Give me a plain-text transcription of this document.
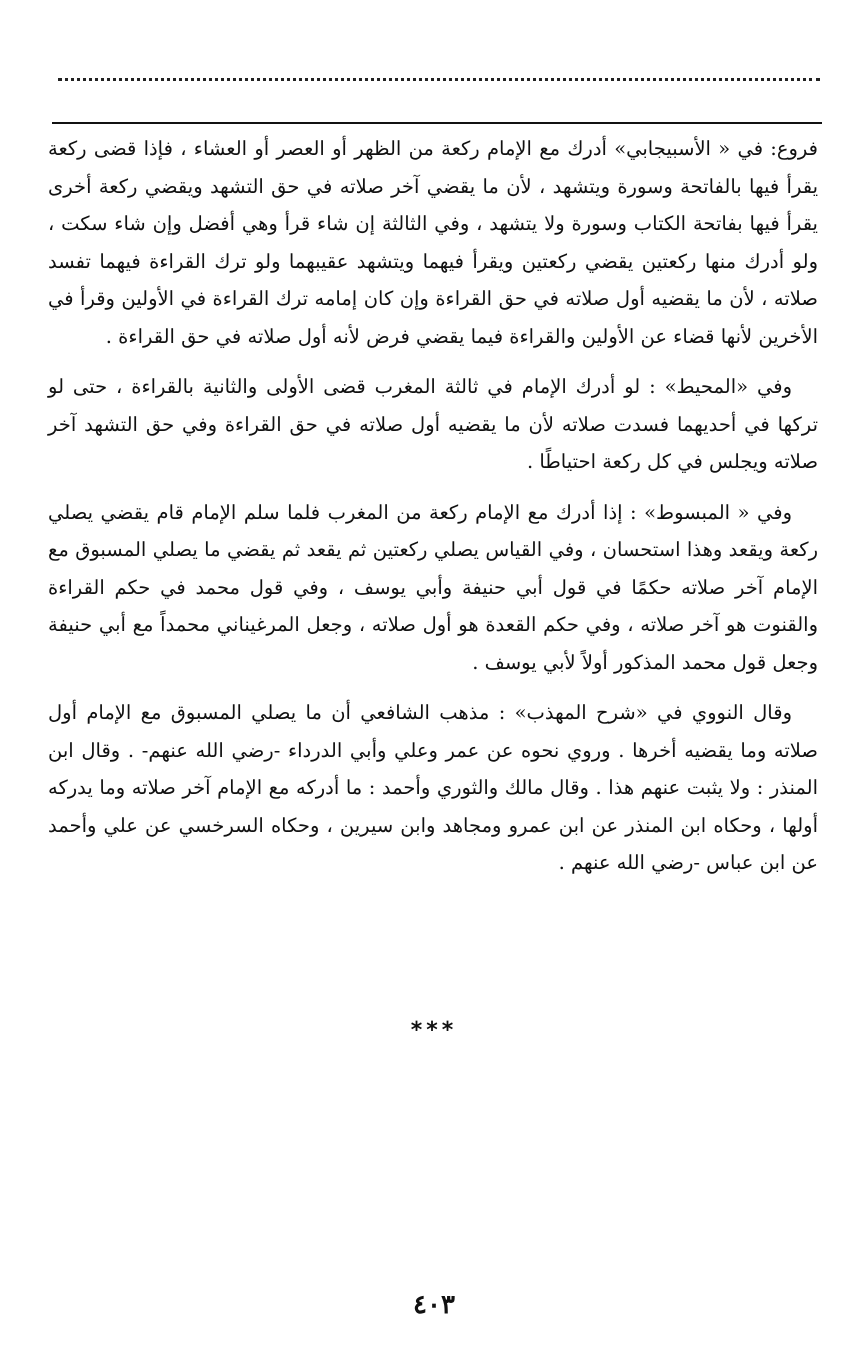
فروع: في « الأسبيجابي» أدرك مع الإمام ركعة من الظهر أو العصر أو العشاء ، فإذا قضى ركعة يقرأ فيها بالفاتحة وسورة ويتشهد ، لأن ما يقضي آخر صلاته في حق التشهد ويقضي ركعة أخرى يقرأ فيها بفاتحة الكتاب وسورة ولا يتشهد ، وفي الثالثة إن شاء قرأ وهي أفضل وإن شاء سكت ، ولو أدرك منها ركعتين يقضي ركعتين ويقرأ فيهما ويتشهد عقيبهما ولو ترك القراءة فيهما تفسد صلاته ، لأن ما يقضيه أول صلاته في حق القراءة وإن كان إمامه ترك القراءة في الأولين وقرأ في الأخرين لأنها قضاء عن الأولين والقراءة فيما يقضي فرض لأنه أول صلاته في حق القراءة .

وفي «المحيط» : لو أدرك الإمام في ثالثة المغرب قضى الأولى والثانية بالقراءة ، حتى لو تركها في أحديهما فسدت صلاته لأن ما يقضيه أول صلاته في حق القراءة وفي حق التشهد آخر صلاته ويجلس في كل ركعة احتياطًا .

وفي « المبسوط» : إذا أدرك مع الإمام ركعة من المغرب فلما سلم الإمام قام يقضي يصلي ركعة ويقعد وهذا استحسان ، وفي القياس يصلي ركعتين ثم يقعد ثم يقضي ما يصلي المسبوق مع الإمام آخر صلاته حكمًا في قول أبي حنيفة وأبي يوسف ، وفي قول محمد في حكم القراءة والقنوت هو آخر صلاته ، وفي حكم القعدة هو أول صلاته ، وجعل المرغيناني محمداً مع أبي حنيفة وجعل قول محمد المذكور أولاً لأبي يوسف .

وقال النووي في «شرح المهذب» : مذهب الشافعي أن ما يصلي المسبوق مع الإمام أول صلاته وما يقضيه أخرها . وروي نحوه عن عمر وعلي وأبي الدرداء -رضي الله عنهم- . وقال ابن المنذر : ولا يثبت عنهم هذا . وقال مالك والثوري وأحمد : ما أدركه مع الإمام آخر صلاته وما يدركه أولها ، وحكاه ابن المنذر عن ابن عمرو ومجاهد وابن سيرين ، وحكاه السرخسي عن علي وأحمد عن ابن عباس -رضي الله عنهم .

***
٤٠٣
